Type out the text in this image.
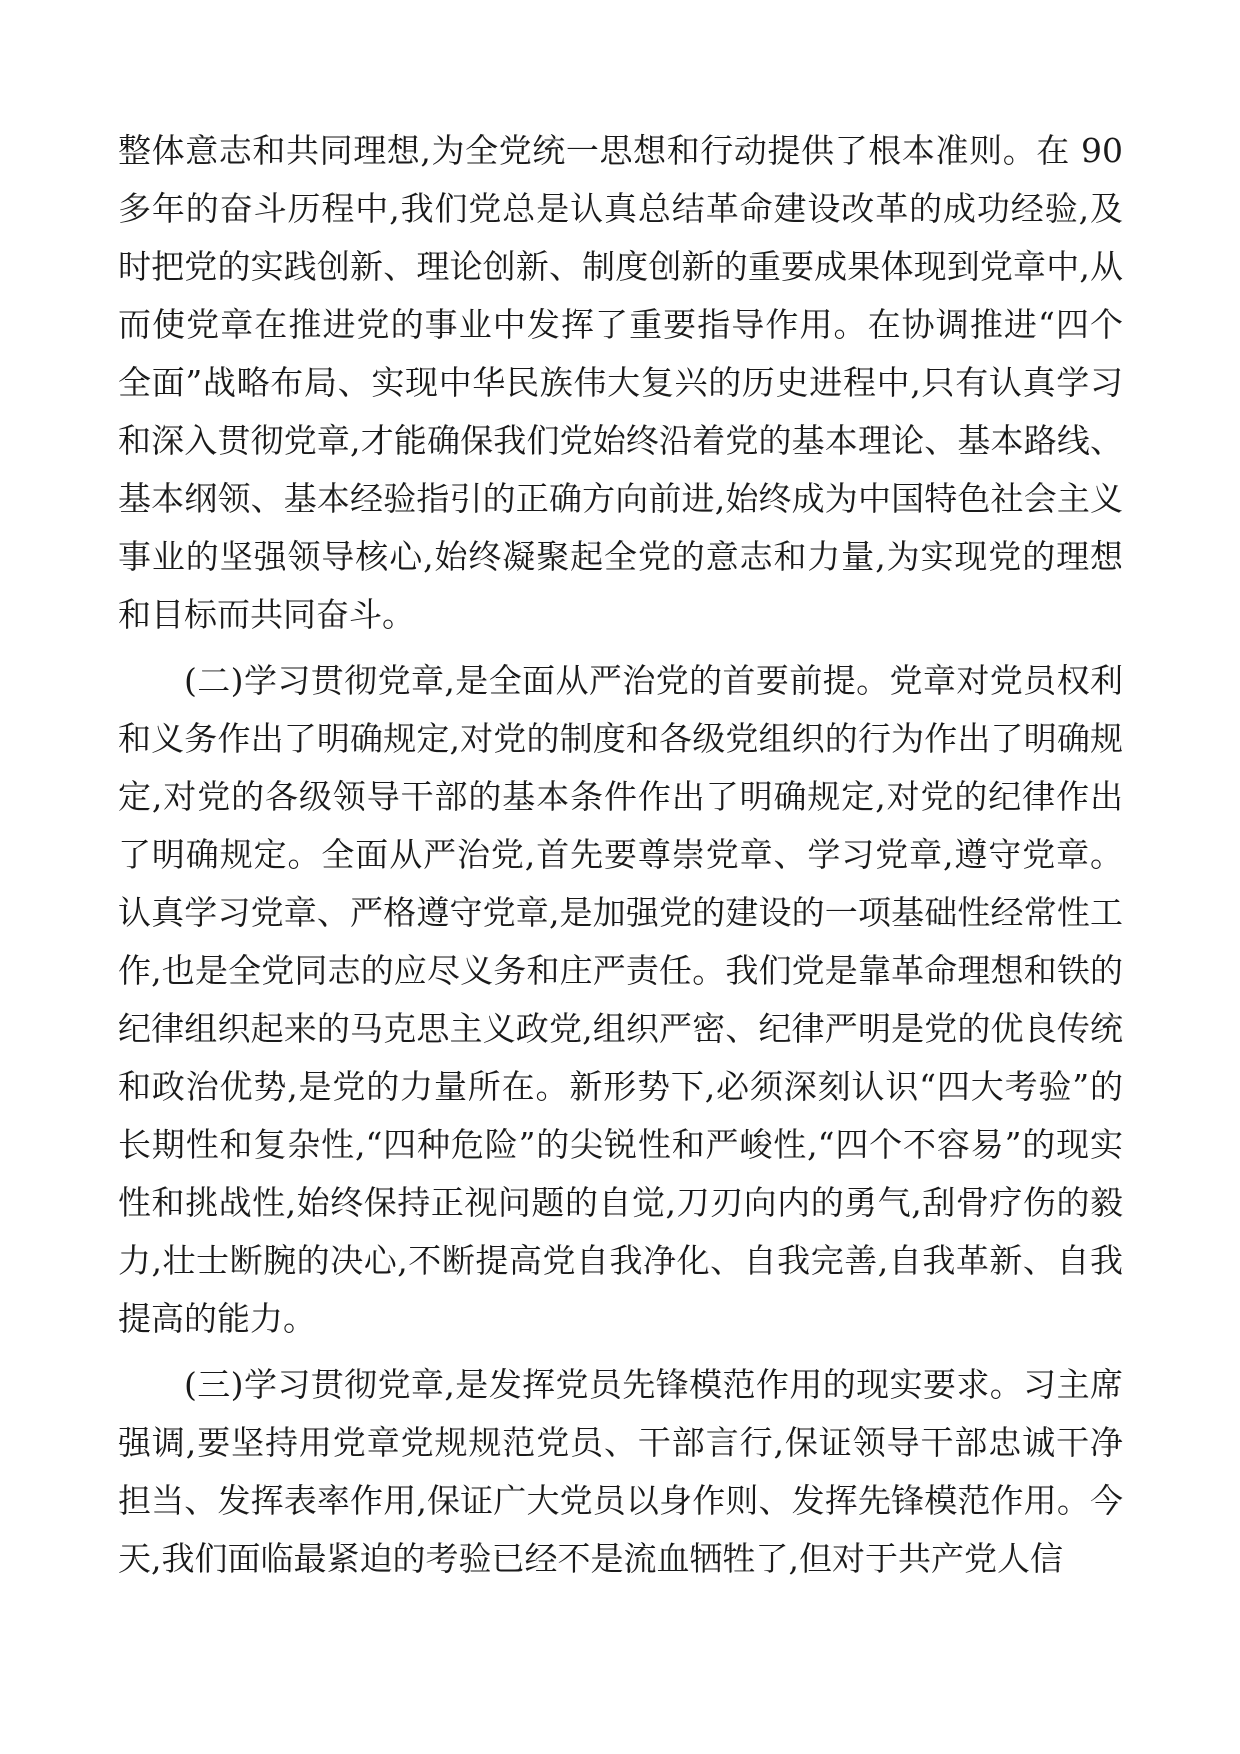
整体意志和共同理想,为全党统一思想和行动提供了根本准则。在 90 多年的奋斗历程中,我们党总是认真总结革命建设改革的成功经验,及时把党的实践创新、理论创新、制度创新的重要成果体现到党章中,从而使党章在推进党的事业中发挥了重要指导作用。在协调推进“四个全面”战略布局、实现中华民族伟大复兴的历史进程中,只有认真学习和深入贯彻党章,才能确保我们党始终沿着党的基本理论、基本路线、基本纲领、基本经验指引的正确方向前进,始终成为中国特色社会主义事业的坚强领导核心,始终凝聚起全党的意志和力量,为实现党的理想和目标而共同奋斗。

(二)学习贯彻党章,是全面从严治党的首要前提。党章对党员权利和义务作出了明确规定,对党的制度和各级党组织的行为作出了明确规定,对党的各级领导干部的基本条件作出了明确规定,对党的纪律作出了明确规定。全面从严治党,首先要尊崇党章、学习党章,遵守党章。认真学习党章、严格遵守党章,是加强党的建设的一项基础性经常性工作,也是全党同志的应尽义务和庄严责任。我们党是靠革命理想和铁的纪律组织起来的马克思主义政党,组织严密、纪律严明是党的优良传统和政治优势,是党的力量所在。新形势下,必须深刻认识“四大考验”的长期性和复杂性,“四种危险”的尖锐性和严峻性,“四个不容易”的现实性和挑战性,始终保持正视问题的自觉,刀刃向内的勇气,刮骨疗伤的毅力,壮士断腕的决心,不断提高党自我净化、自我完善,自我革新、自我提高的能力。

(三)学习贯彻党章,是发挥党员先锋模范作用的现实要求。习主席强调,要坚持用党章党规规范党员、干部言行,保证领导干部忠诚干净担当、发挥表率作用,保证广大党员以身作则、发挥先锋模范作用。今天,我们面临最紧迫的考验已经不是流血牺牲了,但对于共产党人信
